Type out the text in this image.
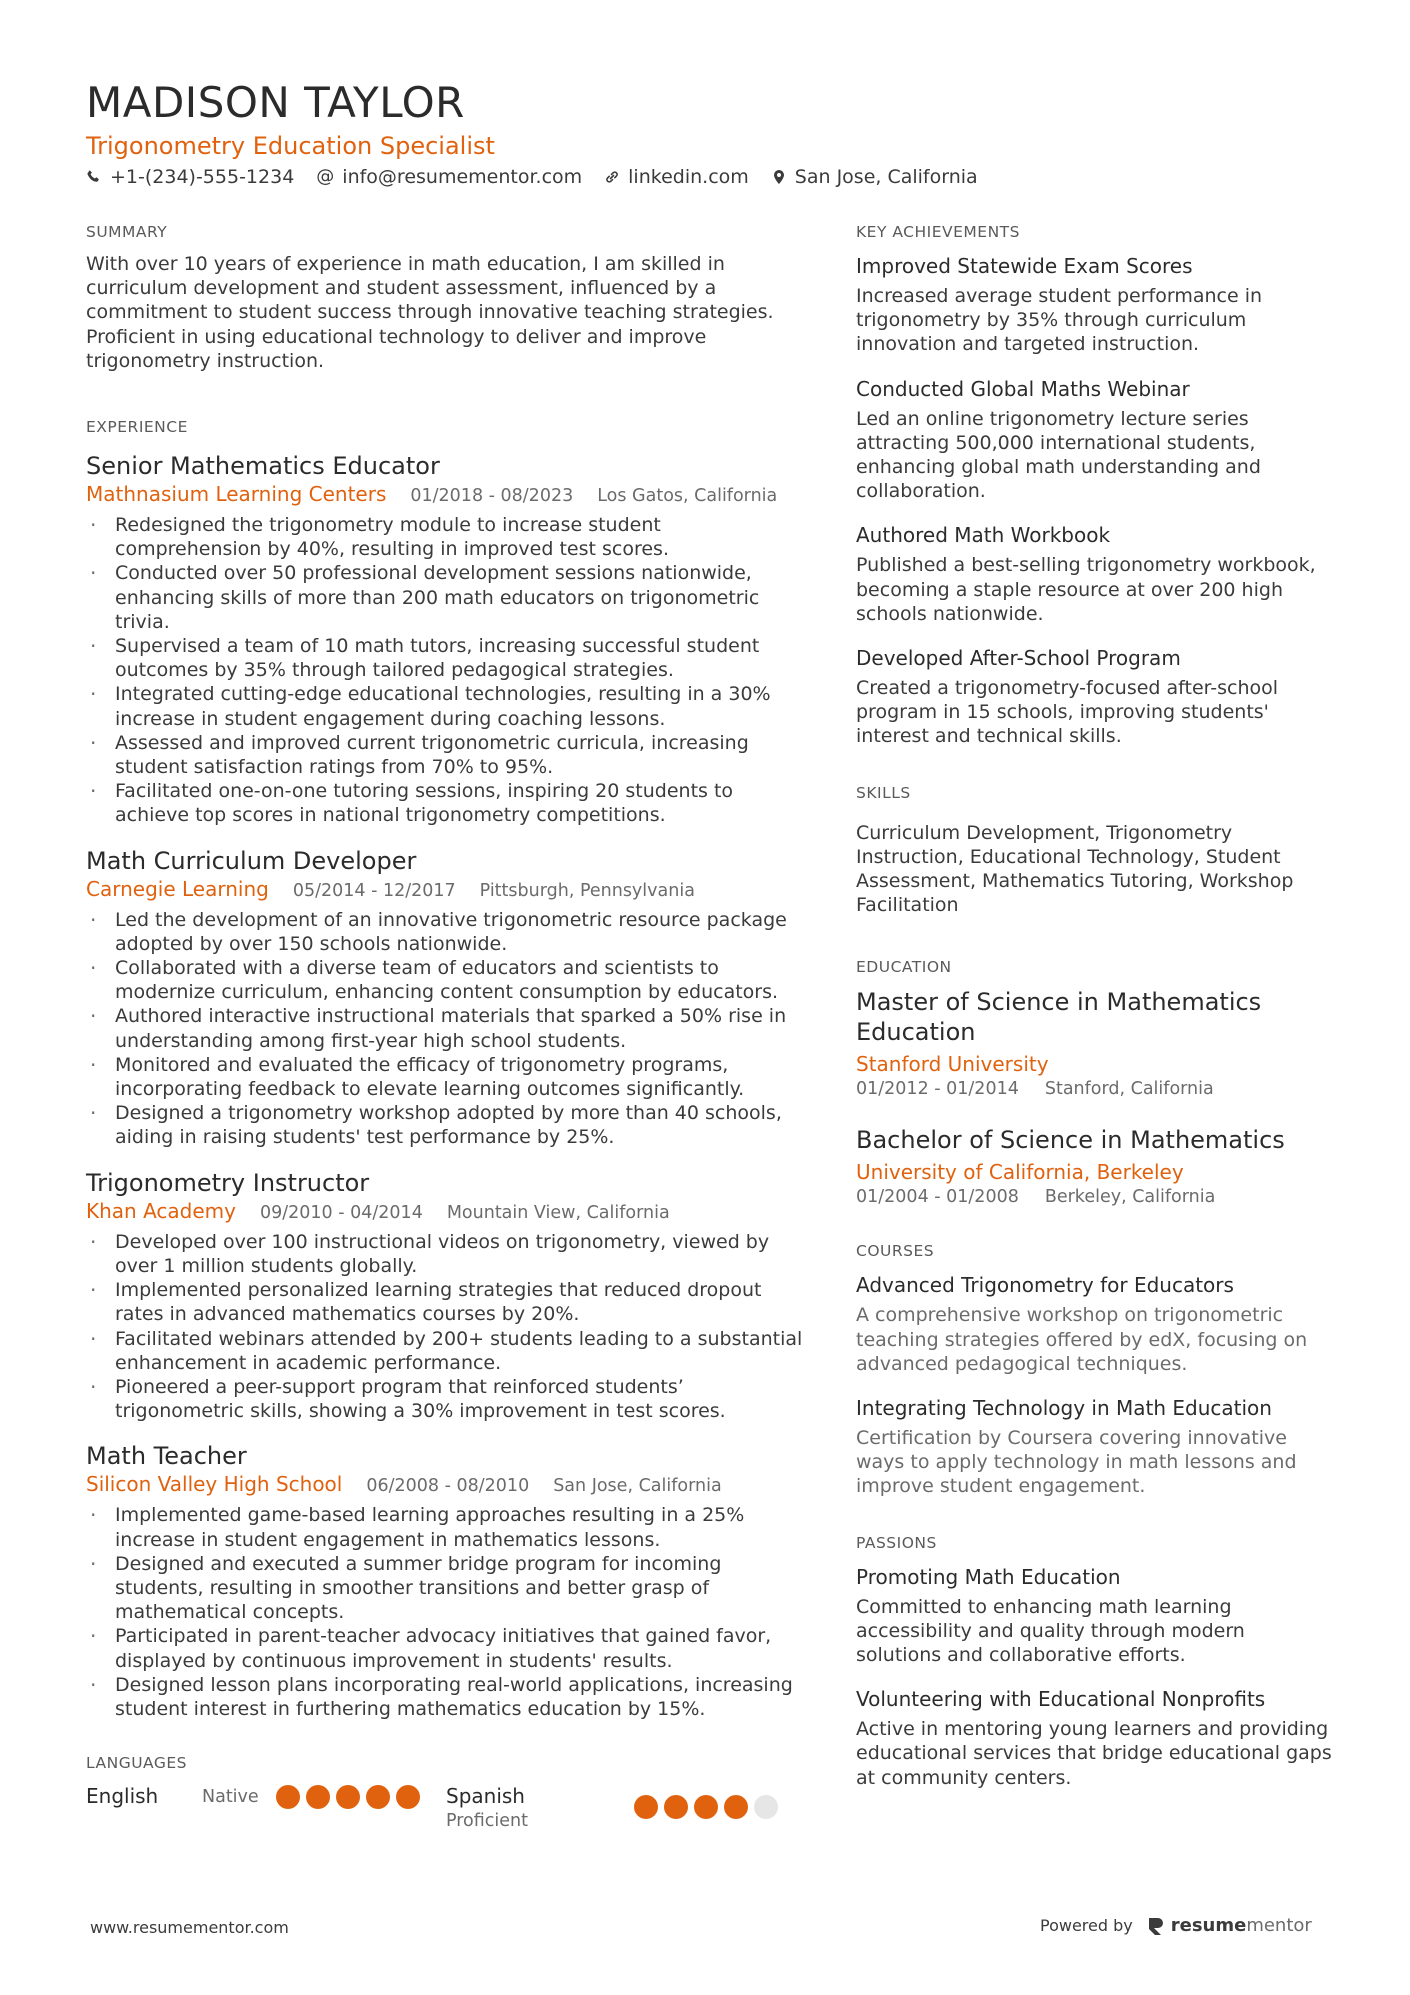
MADISON TAYLOR
Trigonometry Education Specialist
+1-(234)-555-1234 @ info@resumementor.com linkedin.com San Jose, California
SUMMARY
With over 10 years of experience in math education, I am skilled in curriculum development and student assessment, influenced by a commitment to student success through innovative teaching strategies. Proficient in using educational technology to deliver and improve trigonometry instruction.
EXPERIENCE
Senior Mathematics Educator
Mathnasium Learning Centers 01/2018 - 08/2023 Los Gatos, California
· Redesigned the trigonometry module to increase student comprehension by 40%, resulting in improved test scores.
· Conducted over 50 professional development sessions nationwide, enhancing skills of more than 200 math educators on trigonometric trivia.
· Supervised a team of 10 math tutors, increasing successful student outcomes by 35% through tailored pedagogical strategies.
· Integrated cutting-edge educational technologies, resulting in a 30% increase in student engagement during coaching lessons.
· Assessed and improved current trigonometric curricula, increasing student satisfaction ratings from 70% to 95%.
· Facilitated one-on-one tutoring sessions, inspiring 20 students to achieve top scores in national trigonometry competitions.
Math Curriculum Developer
Carnegie Learning 05/2014 - 12/2017 Pittsburgh, Pennsylvania
· Led the development of an innovative trigonometric resource package adopted by over 150 schools nationwide.
· Collaborated with a diverse team of educators and scientists to modernize curriculum, enhancing content consumption by educators.
· Authored interactive instructional materials that sparked a 50% rise in understanding among first-year high school students.
· Monitored and evaluated the efficacy of trigonometry programs, incorporating feedback to elevate learning outcomes significantly.
· Designed a trigonometry workshop adopted by more than 40 schools, aiding in raising students' test performance by 25%.
Trigonometry Instructor
Khan Academy 09/2010 - 04/2014 Mountain View, California
· Developed over 100 instructional videos on trigonometry, viewed by over 1 million students globally.
· Implemented personalized learning strategies that reduced dropout rates in advanced mathematics courses by 20%.
· Facilitated webinars attended by 200+ students leading to a substantial enhancement in academic performance.
· Pioneered a peer-support program that reinforced students’ trigonometric skills, showing a 30% improvement in test scores.
Math Teacher
Silicon Valley High School 06/2008 - 08/2010 San Jose, California
· Implemented game-based learning approaches resulting in a 25% increase in student engagement in mathematics lessons.
· Designed and executed a summer bridge program for incoming students, resulting in smoother transitions and better grasp of mathematical concepts.
· Participated in parent-teacher advocacy initiatives that gained favor, displayed by continuous improvement in students' results.
· Designed lesson plans incorporating real-world applications, increasing student interest in furthering mathematics education by 15%.
LANGUAGES
English	Native	Spanish
Proficient
KEY ACHIEVEMENTS
Improved Statewide Exam Scores
Increased average student performance in trigonometry by 35% through curriculum innovation and targeted instruction.
Conducted Global Maths Webinar
Led an online trigonometry lecture series attracting 500,000 international students, enhancing global math understanding and collaboration.
Authored Math Workbook
Published a best-selling trigonometry workbook, becoming a staple resource at over 200 high schools nationwide.
Developed After-School Program
Created a trigonometry-focused after-school program in 15 schools, improving students' interest and technical skills.
SKILLS
Curriculum Development, Trigonometry Instruction, Educational Technology, Student Assessment, Mathematics Tutoring, Workshop Facilitation
EDUCATION
Master of Science in Mathematics Education
Stanford University
01/2012 - 01/2014 Stanford, California
Bachelor of Science in Mathematics
University of California, Berkeley
01/2004 - 01/2008 Berkeley, California
COURSES
Advanced Trigonometry for Educators
A comprehensive workshop on trigonometric teaching strategies offered by edX, focusing on advanced pedagogical techniques.
Integrating Technology in Math Education
Certification by Coursera covering innovative ways to apply technology in math lessons and improve student engagement.
PASSIONS
Promoting Math Education
Committed to enhancing math learning accessibility and quality through modern solutions and collaborative efforts.
Volunteering with Educational Nonprofits
Active in mentoring young learners and providing educational services that bridge educational gaps at community centers.
www.resumementor.com	Powered by resumementor
